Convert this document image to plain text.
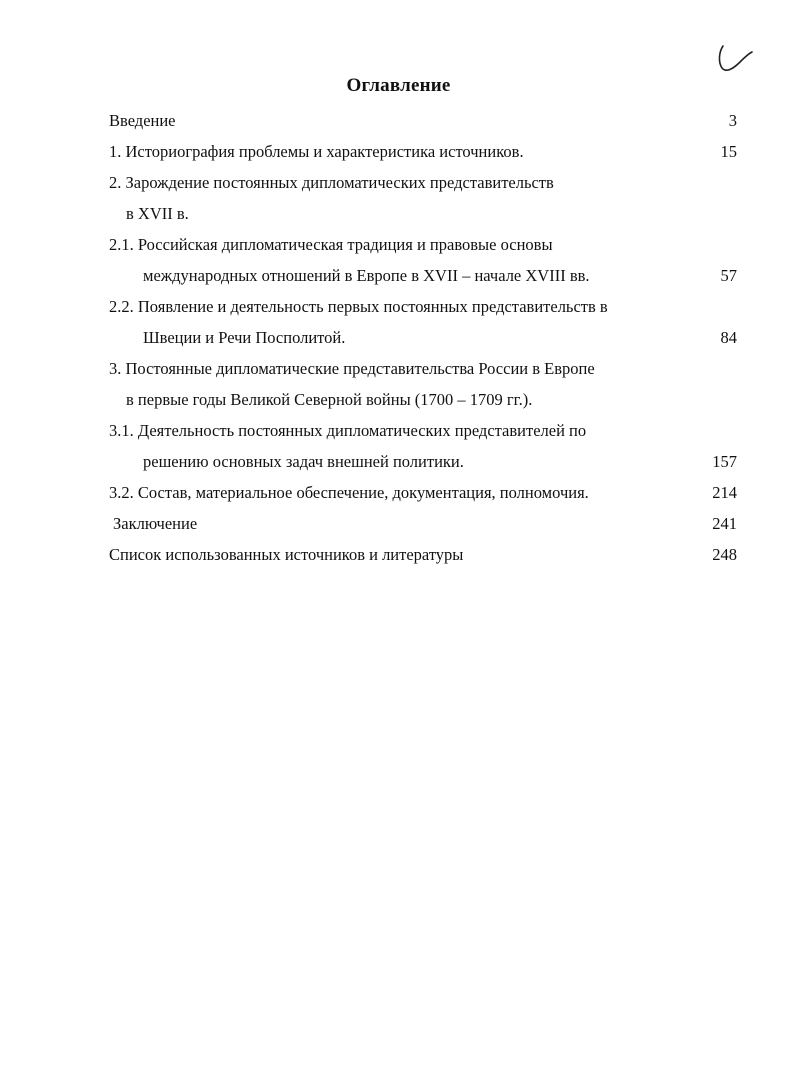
Оглавление
Введение	3
1. Историография проблемы и характеристика источников.	15
2. Зарождение постоянных дипломатических представительств
в XVII в.
2.1. Российская дипломатическая традиция и правовые основы
международных отношений в Европе в XVII – начале XVIII вв.	57
2.2. Появление и деятельность первых постоянных представительств в
Швеции и Речи Посполитой.	84
3. Постоянные дипломатические представительства России в Европе
в первые годы Великой Северной войны (1700 – 1709 гг.).
3.1. Деятельность постоянных дипломатических представителей по
решению основных задач внешней политики.	157
3.2. Состав, материальное обеспечение, документация, полномочия.	214
Заключение	241
Список использованных источников и литературы	248
